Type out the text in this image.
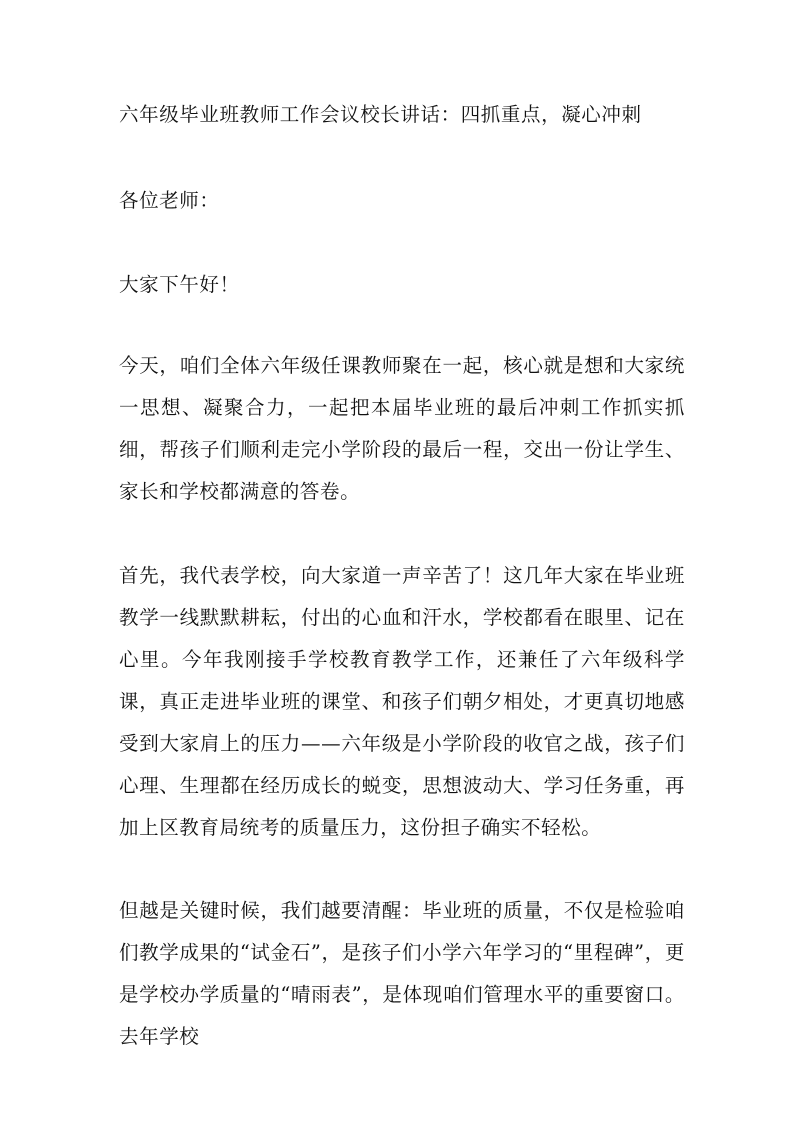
六年级毕业班教师工作会议校长讲话：四抓重点，凝心冲刺

各位老师：

大家下午好！

今天，咱们全体六年级任课教师聚在一起，核心就是想和大家统一思想、凝聚合力，一起把本届毕业班的最后冲刺工作抓实抓细，帮孩子们顺利走完小学阶段的最后一程，交出一份让学生、家长和学校都满意的答卷。

首先，我代表学校，向大家道一声辛苦了！这几年大家在毕业班教学一线默默耕耘，付出的心血和汗水，学校都看在眼里、记在心里。今年我刚接手学校教育教学工作，还兼任了六年级科学课，真正走进毕业班的课堂、和孩子们朝夕相处，才更真切地感受到大家肩上的压力——六年级是小学阶段的收官之战，孩子们心理、生理都在经历成长的蜕变，思想波动大、学习任务重，再加上区教育局统考的质量压力，这份担子确实不轻松。

但越是关键时候，我们越要清醒：毕业班的质量，不仅是检验咱们教学成果的“试金石”，是孩子们小学六年学习的“里程碑”，更是学校办学质量的“晴雨表”，是体现咱们管理水平的重要窗口。去年学校
